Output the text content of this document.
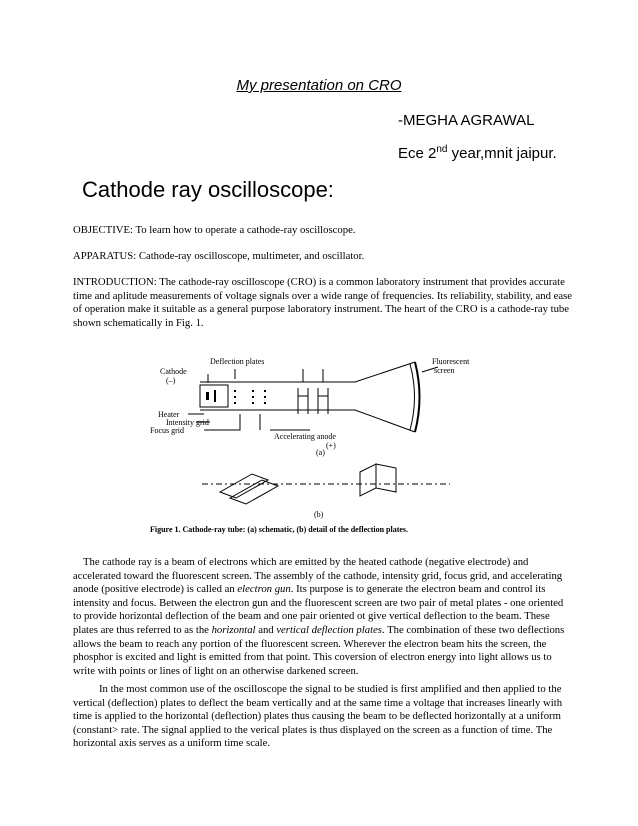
My presentation on CRO
-MEGHA AGRAWAL
Ece 2nd year,mnit jaipur.
Cathode ray oscilloscope:

OBJECTIVE: To learn how to operate a cathode-ray oscilloscope.

APPARATUS: Cathode-ray oscilloscope, multimeter, and oscillator.

INTRODUCTION: The cathode-ray oscilloscope (CRO) is a common laboratory instrument that provides accurate time and aplitude measurements of voltage signals over a wide range of frequencies. Its reliability, stability, and ease of operation make it suitable as a general purpose laboratory instrument. The heart of the CRO is a cathode-ray tube shown schematically in Fig. 1.

Deflection plates
Cathode
(–)
Fluorescent
screen
Heater
Intensity grid
Focus grid
Accelerating anode
(+)
(a)
(b)
Figure 1. Cathode-ray tube: (a) schematic, (b) detail of the deflection plates.

The cathode ray is a beam of electrons which are emitted by the heated cathode (negative electrode) and accelerated toward the fluorescent screen. The assembly of the cathode, intensity grid, focus grid, and accelerating anode (positive electrode) is called an electron gun. Its purpose is to generate the electron beam and control its intensity and focus. Between the electron gun and the fluorescent screen are two pair of metal plates - one oriented to provide horizontal deflection of the beam and one pair oriented ot give vertical deflection to the beam. These plates are thus referred to as the horizontal and vertical deflection plates. The combination of these two deflections allows the beam to reach any portion of the fluorescent screen. Wherever the electron beam hits the screen, the phosphor is excited and light is emitted from that point. This coversion of electron energy into light allows us to write with points or lines of light on an otherwise darkened screen.

In the most common use of the oscilloscope the signal to be studied is first amplified and then applied to the vertical (deflection) plates to deflect the beam vertically and at the same time a voltage that increases linearly with time is applied to the horizontal (deflection) plates thus causing the beam to be deflected horizontally at a uniform (constant> rate. The signal applied to the verical plates is thus displayed on the screen as a function of time. The horizontal axis serves as a uniform time scale.
